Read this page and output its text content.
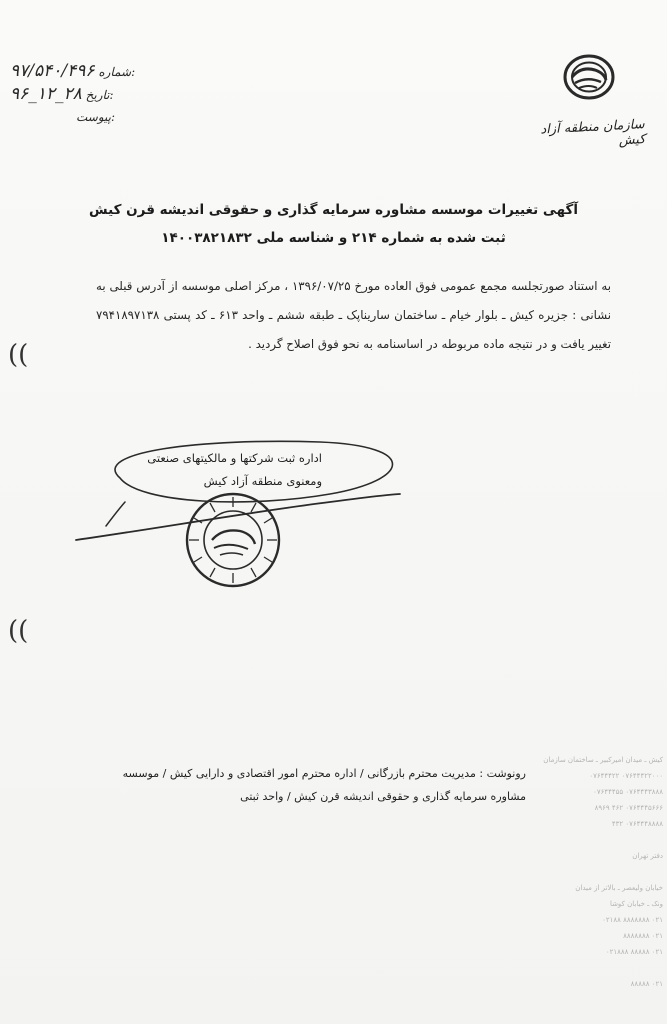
سازمان منطقه آزاد کیش
۹۷/۵۴۰/۴۹۶ شماره:
۹۶_۱۲_۲۸ تاریخ:
پیوست:
آگهی تغییرات موسسه مشاوره سرمایه گذاری و حقوقی اندیشه قرن کیش
ثبت شده به شماره ۲۱۴ و شناسه ملی ۱۴۰۰۳۸۲۱۸۳۲
به استناد صورتجلسه مجمع عمومی فوق العاده مورخ ۱۳۹۶/۰۷/۲۵ ، مرکز اصلی موسسه از آدرس قبلی به نشانی : جزیره کیش ـ بلوار خیام ـ ساختمان ساریناپک ـ طبقه ششم ـ واحد ۶۱۳ ـ کد پستی ۷۹۴۱۸۹۷۱۳۸ تغییر یافت و در نتیجه ماده مربوطه در اساسنامه به نحو فوق اصلاح گردید .
((
((
اداره ثبت شرکتها و مالکیتهای صنعتی
ومعنوی منطقه آزاد کیش
رونوشت : مدیریت محترم بازرگانی / اداره محترم امور اقتصادی و دارایی کیش / موسسه مشاوره سرمایه گذاری و حقوقی اندیشه قرن کیش / واحد ثبتی
کیش ـ میدان امیرکبیر ـ ساختمان سازمان
۰۷۶۴۴۴۲۲۰۰۰ ۰۷۶۴۴۴۲۲
۰۷۶۴۴۴۳۸۸۸ ۰۷۶۴۴۴۵۵
۰۷۶۴۴۴۵۶۶۶ ۴۶۲ ۸۹۶۹
۰۷۶۴۴۴۸۸۸۸ ۴۳۲

دفتر تهران

خیابان ولیعصر ـ بالاتر از میدان
ونک ـ خیابان کوشا
۰۲۱ ۸۸۸۸۸۸۸ ۰۲۱۸۸
۰۲۱ ۸۸۸۸۸۸۸
۰۲۱ ۸۸۸۸۸ ۰۲۱۸۸۸

۰۲۱ ۸۸۸۸۸
